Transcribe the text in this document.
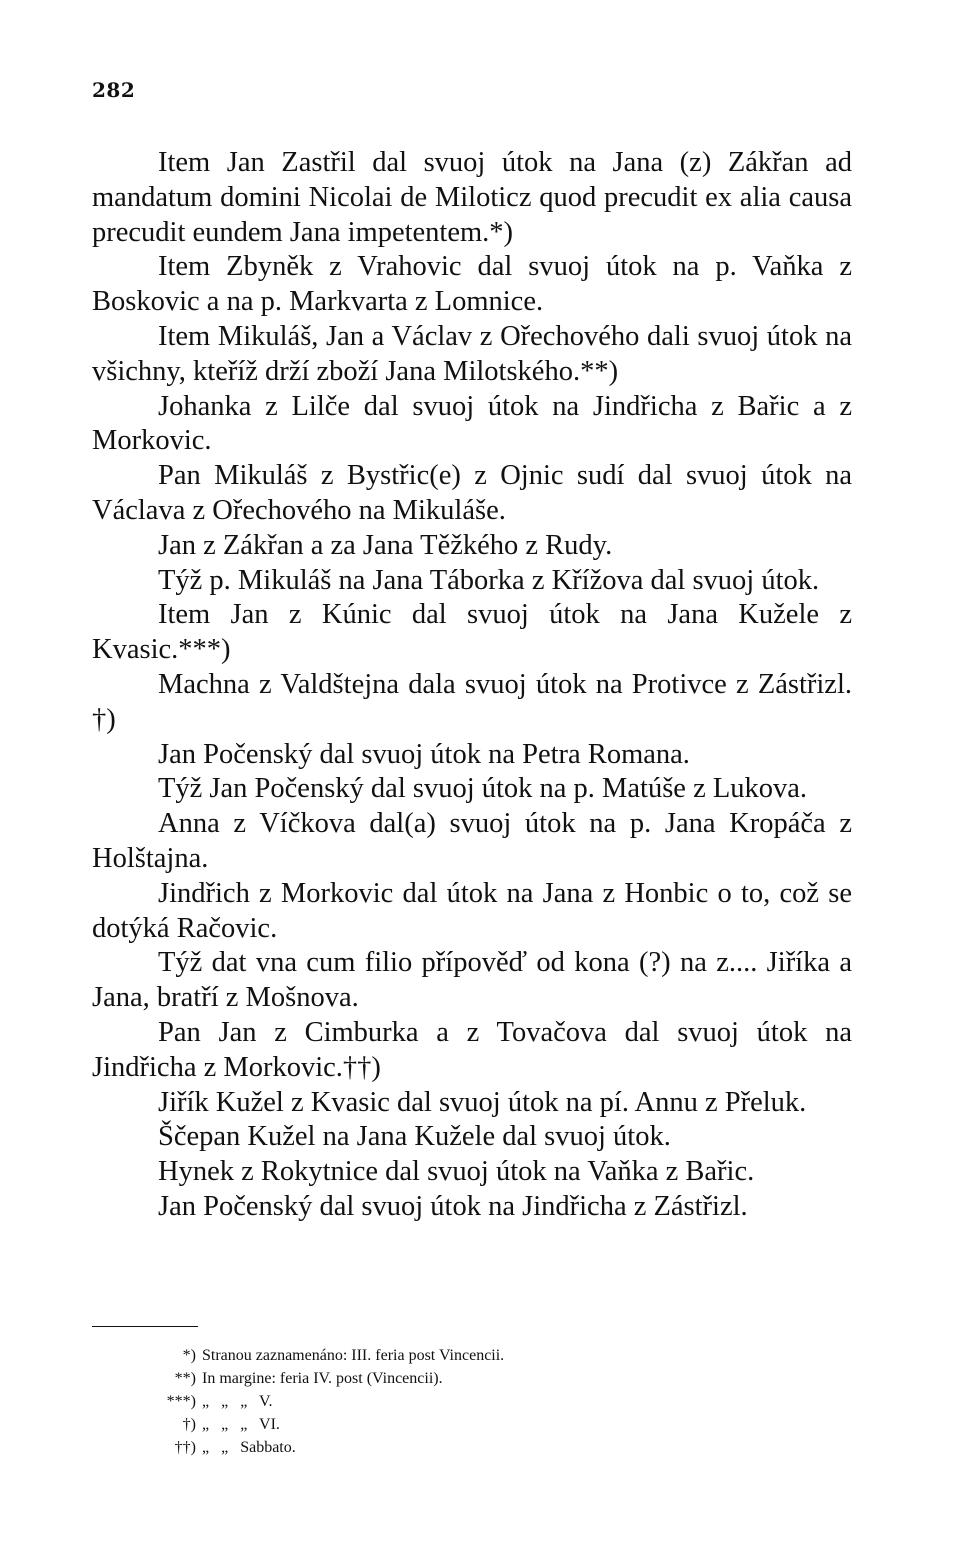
282

Item Jan Zastřil dal svuoj útok na Jana (z) Zákřan ad mandatum domini Nicolai de Miloticz quod precudit ex alia causa precudit eundem Jana impetentem.*)

Item Zbyněk z Vrahovic dal svuoj útok na p. Vaňka z Boskovic a na p. Markvarta z Lomnice.

Item Mikuláš, Jan a Václav z Ořechového dali svuoj útok na všichny, kteříž drží zboží Jana Milotského.**)

Johanka z Lilče dal svuoj útok na Jindřicha z Bařic a z Morkovic.

Pan Mikuláš z Bystřic(e) z Ojnic sudí dal svuoj útok na Václava z Ořechového na Mikuláše.

Jan z Zákřan a za Jana Těžkého z Rudy.

Týž p. Mikuláš na Jana Táborka z Křížova dal svuoj útok.

Item Jan z Kúnic dal svuoj útok na Jana Kužele z Kvasic.***)

Machna z Valdštejna dala svuoj útok na Protivce z Zástřizl. †)

Jan Počenský dal svuoj útok na Petra Romana.

Týž Jan Počenský dal svuoj útok na p. Matúše z Lukova.

Anna z Víčkova dal(a) svuoj útok na p. Jana Kropáča z Holštajna.

Jindřich z Morkovic dal útok na Jana z Honbic o to, což se dotýká Račovic.

Týž dat vna cum filio přípověď od kona (?) na z.... Jiříka a Jana, bratří z Mošnova.

Pan Jan z Cimburka a z Tovačova dal svuoj útok na Jindřicha z Morkovic.††)

Jiřík Kužel z Kvasic dal svuoj útok na pí. Annu z Přeluk.

Ščepan Kužel na Jana Kužele dal svuoj útok.

Hynek z Rokytnice dal svuoj útok na Vaňka z Bařic.

Jan Počenský dal svuoj útok na Jindřicha z Zástřizl.

*) Stranou zaznamenáno: III. feria post Vincencii.
**) In margine: feria IV. post (Vincencii).
***) „   „   „   V.
†) „   „   „   VI.
††) „   „   Sabbato.
